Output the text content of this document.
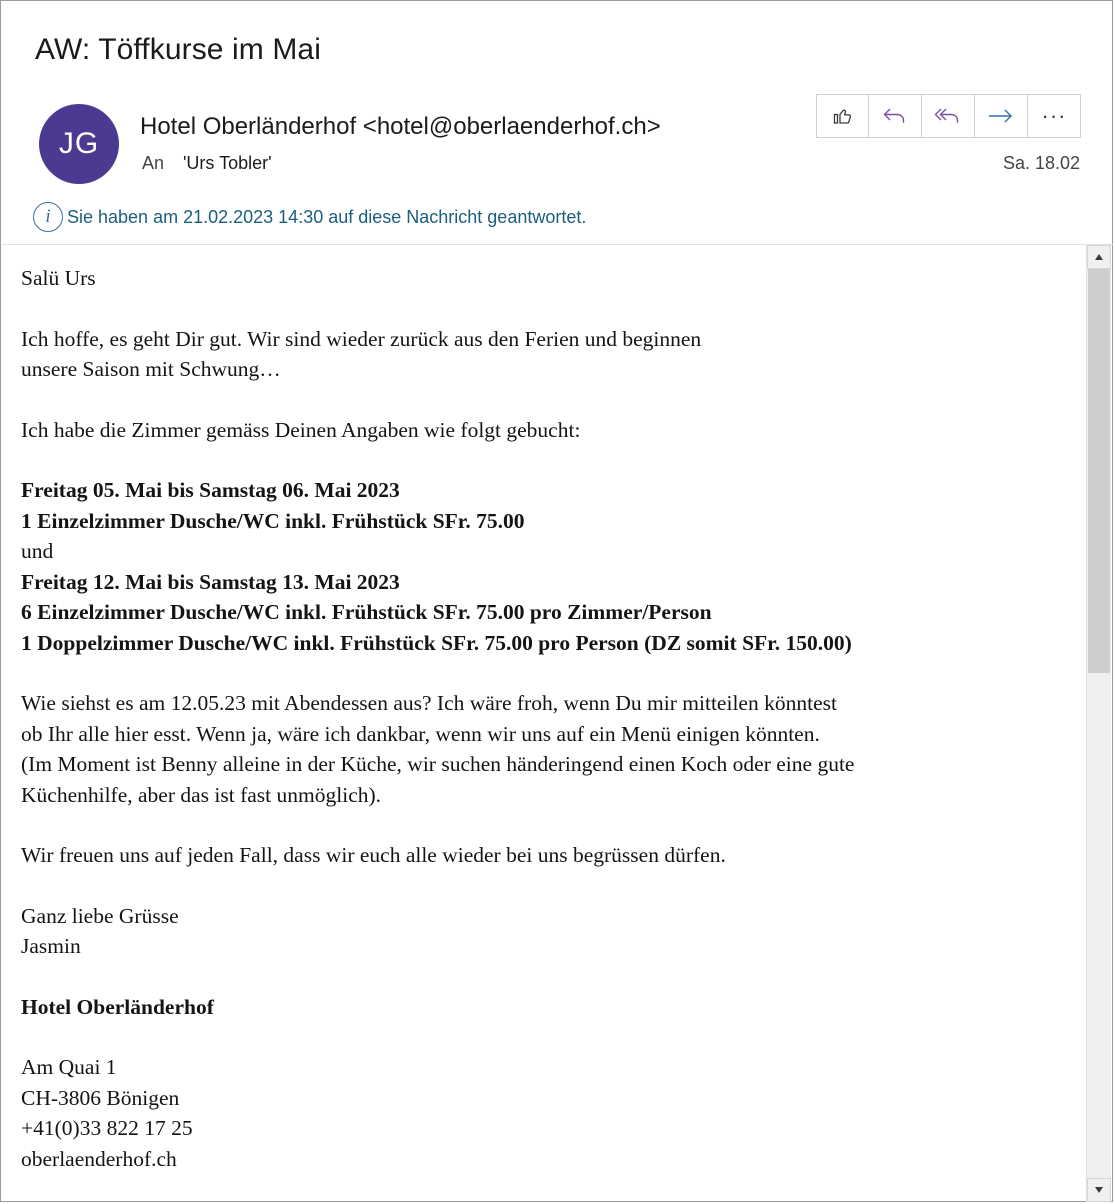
AW: Töffkurse im Mai
JG
Hotel Oberländerhof <hotel@oberlaenderhof.ch>
An 'Urs Tobler'	Sa. 18.02
···
i Sie haben am 21.02.2023 14:30 auf diese Nachricht geantwortet.

Salü Urs

Ich hoffe, es geht Dir gut. Wir sind wieder zurück aus den Ferien und beginnen

unsere Saison mit Schwung…

Ich habe die Zimmer gemäss Deinen Angaben wie folgt gebucht:

Freitag 05. Mai bis Samstag 06. Mai 2023

1 Einzelzimmer Dusche/WC inkl. Frühstück SFr. 75.00

und

Freitag 12. Mai bis Samstag 13. Mai 2023

6 Einzelzimmer Dusche/WC inkl. Frühstück SFr. 75.00 pro Zimmer/Person

1 Doppelzimmer Dusche/WC inkl. Frühstück SFr. 75.00 pro Person (DZ somit SFr. 150.00)

Wie siehst es am 12.05.23 mit Abendessen aus? Ich wäre froh, wenn Du mir mitteilen könntest

ob Ihr alle hier esst. Wenn ja, wäre ich dankbar, wenn wir uns auf ein Menü einigen könnten.

(Im Moment ist Benny alleine in der Küche, wir suchen händeringend einen Koch oder eine gute

Küchenhilfe, aber das ist fast unmöglich).

Wir freuen uns auf jeden Fall, dass wir euch alle wieder bei uns begrüssen dürfen.

Ganz liebe Grüsse

Jasmin

Hotel Oberländerhof

Am Quai 1

CH-3806 Bönigen

+41(0)33 822 17 25

oberlaenderhof.ch
